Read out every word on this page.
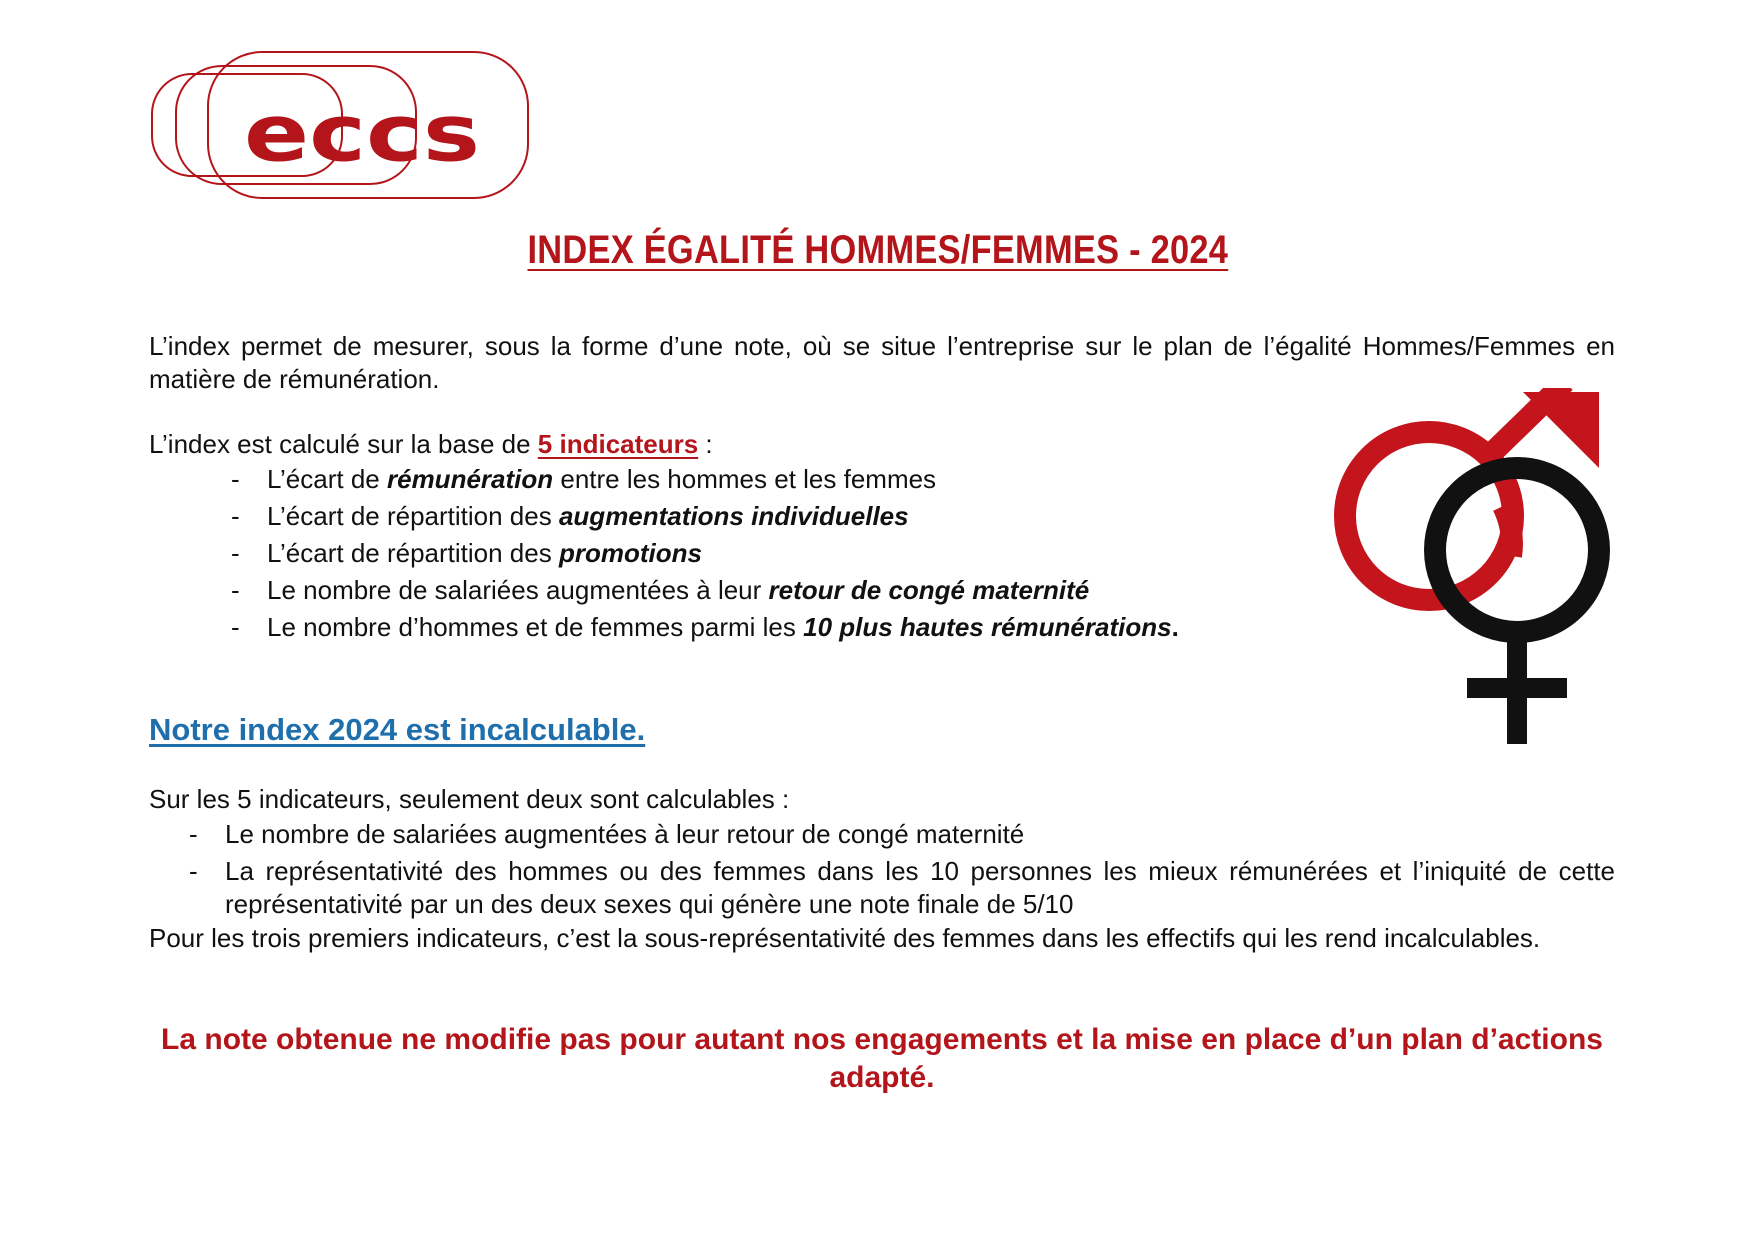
eccs
INDEX ÉGALITÉ HOMMES/FEMMES - 2024
L’index permet de mesurer, sous la forme d’une note, où se situe l’entreprise sur le plan de l’égalité Hommes/Femmes en matière de rémunération.
L’index est calculé sur la base de 5 indicateurs :
- L’écart de rémunération entre les hommes et les femmes
- L’écart de répartition des augmentations individuelles
- L’écart de répartition des promotions
- Le nombre de salariées augmentées à leur retour de congé maternité
- Le nombre d’hommes et de femmes parmi les 10 plus hautes rémunérations.
Notre index 2024 est incalculable.
Sur les 5 indicateurs, seulement deux sont calculables :
- Le nombre de salariées augmentées à leur retour de congé maternité
- La représentativité des hommes ou des femmes dans les 10 personnes les mieux rémunérées et l’iniquité de cette représentativité par un des deux sexes qui génère une note finale de 5/10
Pour les trois premiers indicateurs, c’est la sous-représentativité des femmes dans les effectifs qui les rend incalculables.
La note obtenue ne modifie pas pour autant nos engagements et la mise en place d’un plan d’actions adapté.
